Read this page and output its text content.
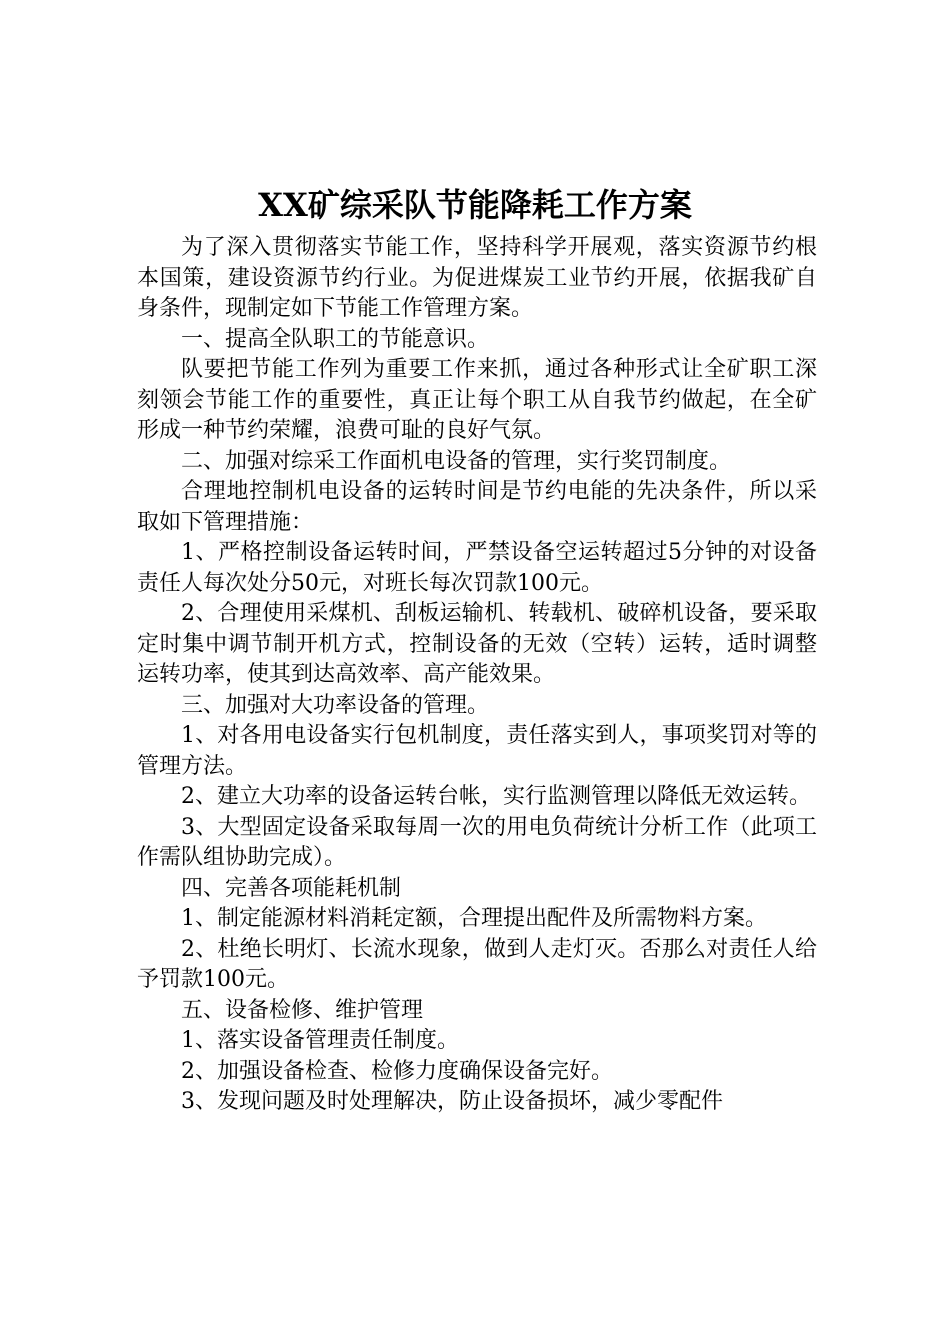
XX矿综采队节能降耗工作方案

为了深入贯彻落实节能工作，坚持科学开展观，落实资源节约根本国策，建设资源节约行业。为促进煤炭工业节约开展，依据我矿自身条件，现制定如下节能工作管理方案。

一、提高全队职工的节能意识。

队要把节能工作列为重要工作来抓，通过各种形式让全矿职工深刻领会节能工作的重要性，真正让每个职工从自我节约做起，在全矿形成一种节约荣耀，浪费可耻的良好气氛。

二、加强对综采工作面机电设备的管理，实行奖罚制度。

合理地控制机电设备的运转时间是节约电能的先决条件，所以采取如下管理措施：

1、严格控制设备运转时间，严禁设备空运转超过5分钟的对设备责任人每次处分50元，对班长每次罚款100元。

2、合理使用采煤机、刮板运输机、转载机、破碎机设备，要采取定时集中调节制开机方式，控制设备的无效（空转）运转，适时调整运转功率，使其到达高效率、高产能效果。

三、加强对大功率设备的管理。

1、对各用电设备实行包机制度，责任落实到人，事项奖罚对等的管理方法。

2、建立大功率的设备运转台帐，实行监测管理以降低无效运转。

3、大型固定设备采取每周一次的用电负荷统计分析工作（此项工作需队组协助完成）。

四、完善各项能耗机制

1、制定能源材料消耗定额，合理提出配件及所需物料方案。

2、杜绝长明灯、长流水现象，做到人走灯灭。否那么对责任人给予罚款100元。

五、设备检修、维护管理

1、落实设备管理责任制度。

2、加强设备检查、检修力度确保设备完好。

3、发现问题及时处理解决，防止设备损坏，减少零配件
